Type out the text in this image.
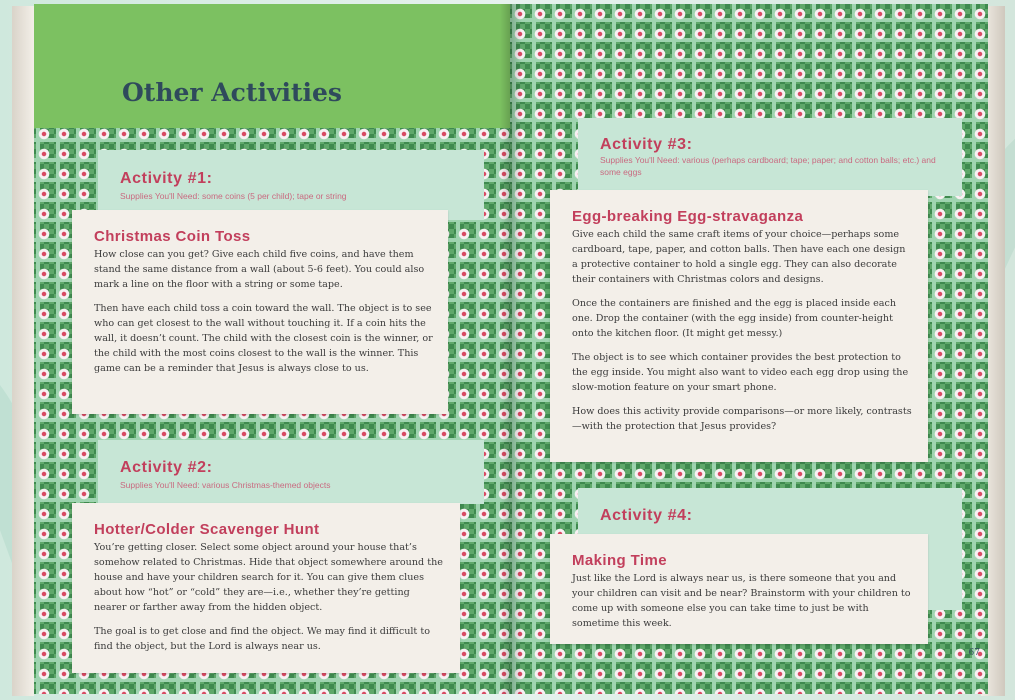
Other Activities
Activity #1:

Supplies You'll Need: some coins (5 per child); tape or string

Christmas Coin Toss

How close can you get? Give each child five coins, and have them stand the same distance from a wall (about 5-6 feet). You could also mark a line on the floor with a string or some tape.

Then have each child toss a coin toward the wall. The object is to see who can get closest to the wall without touching it. If a coin hits the wall, it doesn’t count. The child with the closest coin is the winner, or the child with the most coins closest to the wall is the winner. This game can be a reminder that Jesus is always close to us.

Activity #2:

Supplies You'll Need: various Christmas-themed objects

Hotter/Colder Scavenger Hunt

You’re getting closer. Select some object around your house that’s somehow related to Christmas. Hide that object somewhere around the house and have your children search for it. You can give them clues about how “hot” or “cold” they are—i.e., whether they’re getting nearer or farther away from the hidden object.

The goal is to get close and find the object. We may find it difficult to find the object, but the Lord is always near us.

Activity #3:

Supplies You'll Need: various (perhaps cardboard; tape; paper; and cotton balls; etc.) and some eggs

Egg-breaking Egg-stravaganza

Give each child the same craft items of your choice—perhaps some cardboard, tape, paper, and cotton balls. Then have each one design a protective container to hold a single egg. They can also decorate their containers with Christmas colors and designs.

Once the containers are finished and the egg is placed inside each one. Drop the container (with the egg inside) from counter-height onto the kitchen floor. (It might get messy.)

The object is to see which container provides the best protection to the egg inside. You might also want to video each egg drop using the slow-motion feature on your smart phone.

How does this activity provide comparisons—or more likely, contrasts—with the protection that Jesus provides?

Activity #4:
Making Time

Just like the Lord is always near us, is there someone that you and your children can visit and be near? Brainstorm with your children to come up with someone else you can take time to just be with sometime this week.

67
